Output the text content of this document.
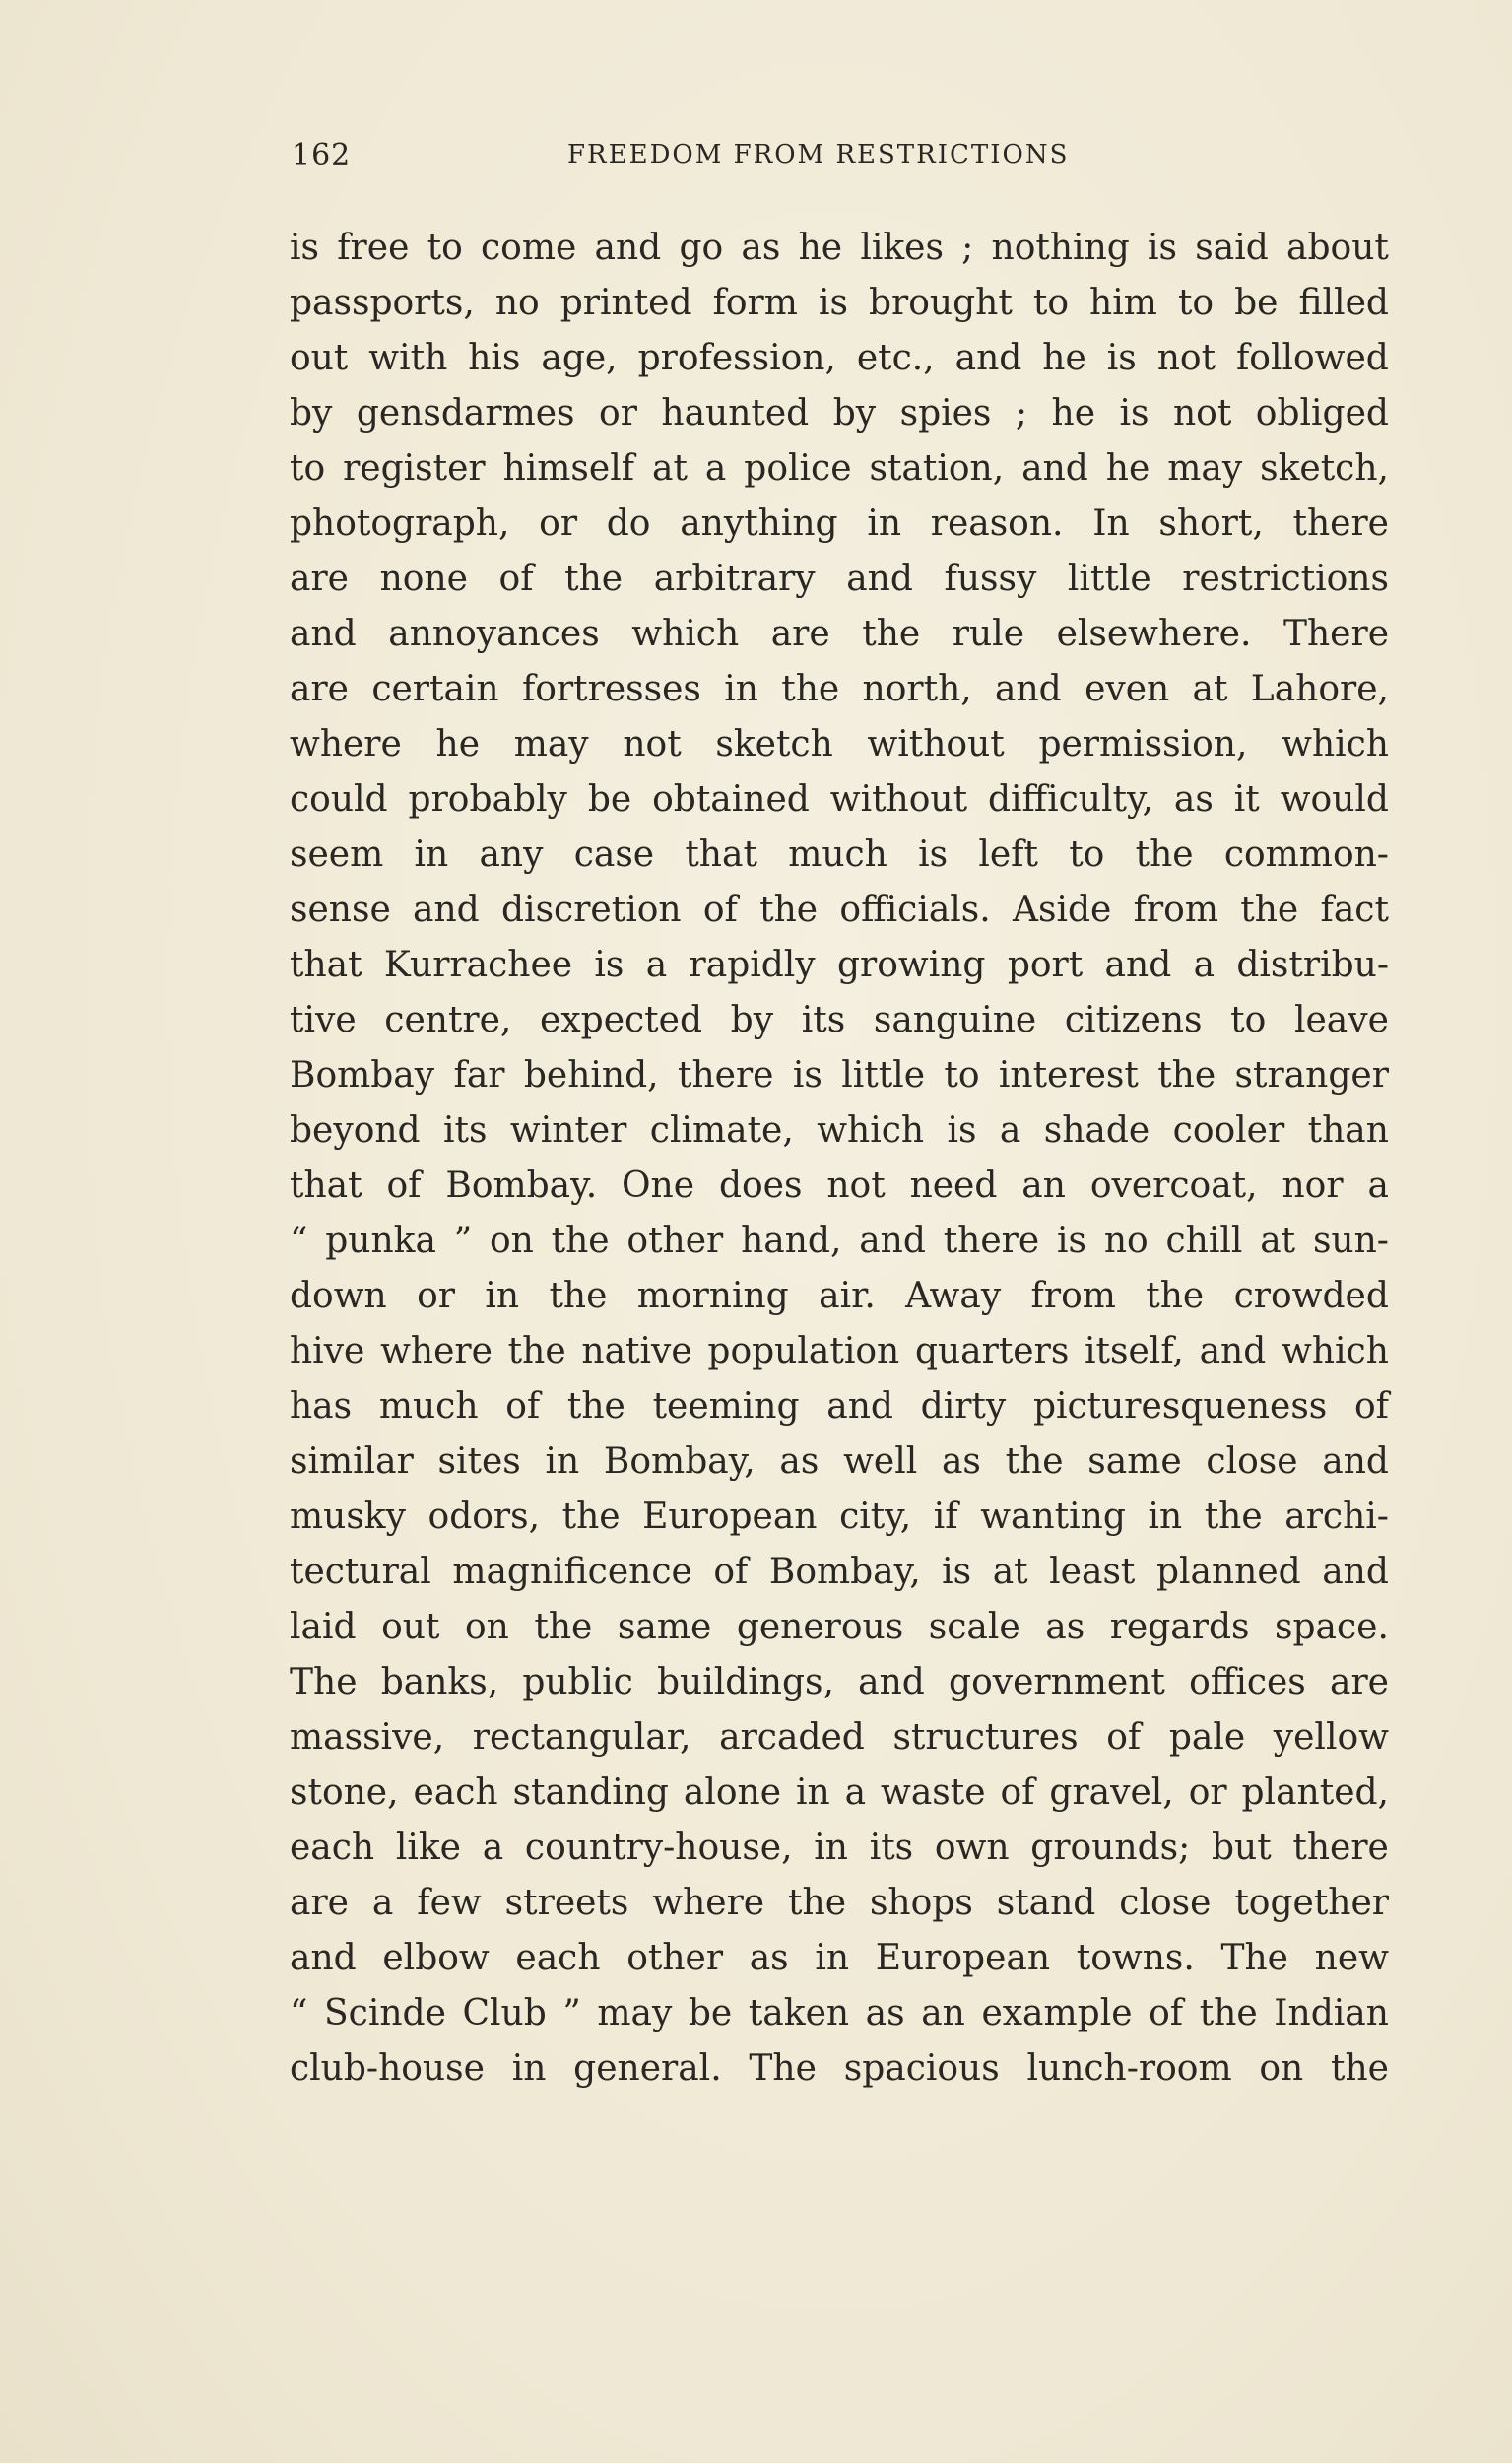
162	FREEDOM FROM RESTRICTIONS
is free to come and go as he likes ; nothing is said about
passports, no printed form is brought to him to be filled
out with his age, profession, etc., and he is not followed
by gensdarmes or haunted by spies ; he is not obliged
to register himself at a police station, and he may sketch,
photograph, or do anything in reason. In short, there
are none of the arbitrary and fussy little restrictions
and annoyances which are the rule elsewhere. There
are certain fortresses in the north, and even at Lahore,
where he may not sketch without permission, which
could probably be obtained without difficulty, as it would
seem in any case that much is left to the common-
sense and discretion of the officials. Aside from the fact
that Kurrachee is a rapidly growing port and a distribu-
tive centre, expected by its sanguine citizens to leave
Bombay far behind, there is little to interest the stranger
beyond its winter climate, which is a shade cooler than
that of Bombay. One does not need an overcoat, nor a
“ punka ” on the other hand, and there is no chill at sun-
down or in the morning air. Away from the crowded
hive where the native population quarters itself, and which
has much of the teeming and dirty picturesqueness of
similar sites in Bombay, as well as the same close and
musky odors, the European city, if wanting in the archi-
tectural magnificence of Bombay, is at least planned and
laid out on the same generous scale as regards space.
The banks, public buildings, and government offices are
massive, rectangular, arcaded structures of pale yellow
stone, each standing alone in a waste of gravel, or planted,
each like a country-house, in its own grounds; but there
are a few streets where the shops stand close together
and elbow each other as in European towns. The new
“ Scinde Club ” may be taken as an example of the Indian
club-house in general. The spacious lunch-room on the
